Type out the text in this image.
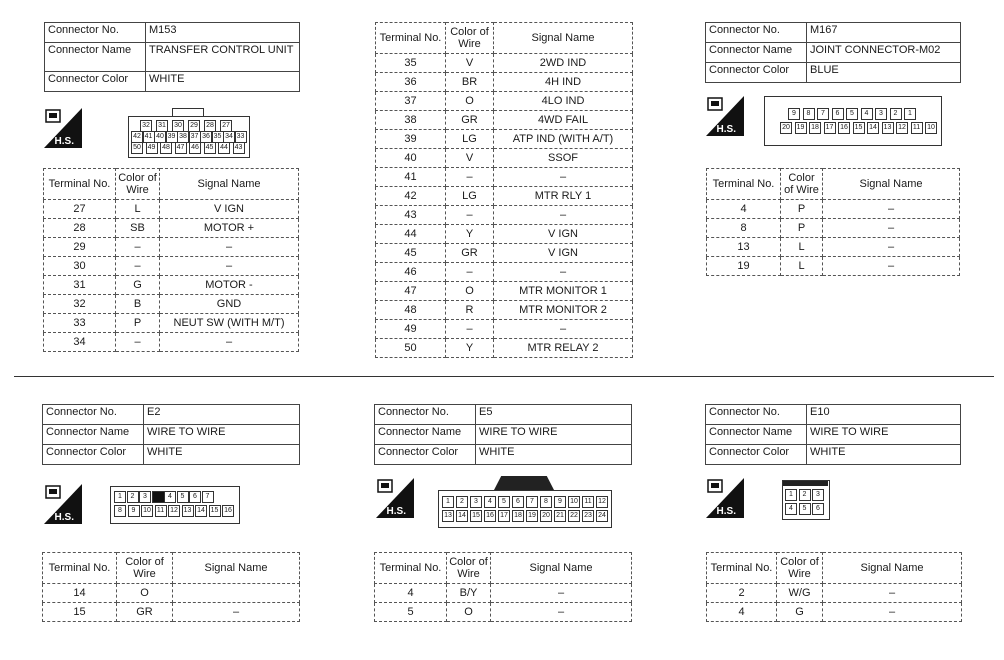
Connector No.	M153
Connector Name	TRANSFER CONTROL UNIT
Connector Color	WHITE
H.S.
32	31	30	29	28	27
42 41 40 39 38 37 36 35 34 33
50 49 48 47 46 45 44 43
Terminal No.	Color of Wire	Signal Name
27	L	V IGN
28	SB	MOTOR +
29	–	–
30	–	–
31	G	MOTOR -
32	B	GND
33	P	NEUT SW (WITH M/T)
34	–	–
Terminal No.	Color of Wire	Signal Name
35	V	2WD IND
36	BR	4H IND
37	O	4LO IND
38	GR	4WD FAIL
39	LG	ATP IND (WITH A/T)
40	V	SSOF
41	–	–
42	LG	MTR RLY 1
43	–	–
44	Y	V IGN
45	GR	V IGN
46	–	–
47	O	MTR MONITOR 1
48	R	MTR MONITOR 2
49	–	–
50	Y	MTR RELAY 2
Connector No.	M167
Connector Name	JOINT CONNECTOR-M02
Connector Color	BLUE
H.S.
9	8	7	6	5	4	3	2	1
20 19 18 17 16 15 14 13 12 11 10
Terminal No.	Color of Wire	Signal Name
4	P	–
8	P	–
13	L	–
19	L	–
Connector No.	E2
Connector Name	WIRE TO WIRE
Connector Color	WHITE
H.S.
1	2	3	4	5	6	7
8	9	10 11 12 13 14 15 16
Terminal No.	Color of Wire	Signal Name
14	O	
15	GR	–
Connector No.	E5
Connector Name	WIRE TO WIRE
Connector Color	WHITE
H.S.
1	2	3	4	5	6	7	8	9	10 11 12
13 14 15 16 17 18 19 20 21 22 23 24
Terminal No.	Color of Wire	Signal Name
4	B/Y	–
5	O	–
Connector No.	E10
Connector Name	WIRE TO WIRE
Connector Color	WHITE
H.S.
1	2	3
4	5	6
Terminal No.	Color of Wire	Signal Name
2	W/G	–
4	G	–
